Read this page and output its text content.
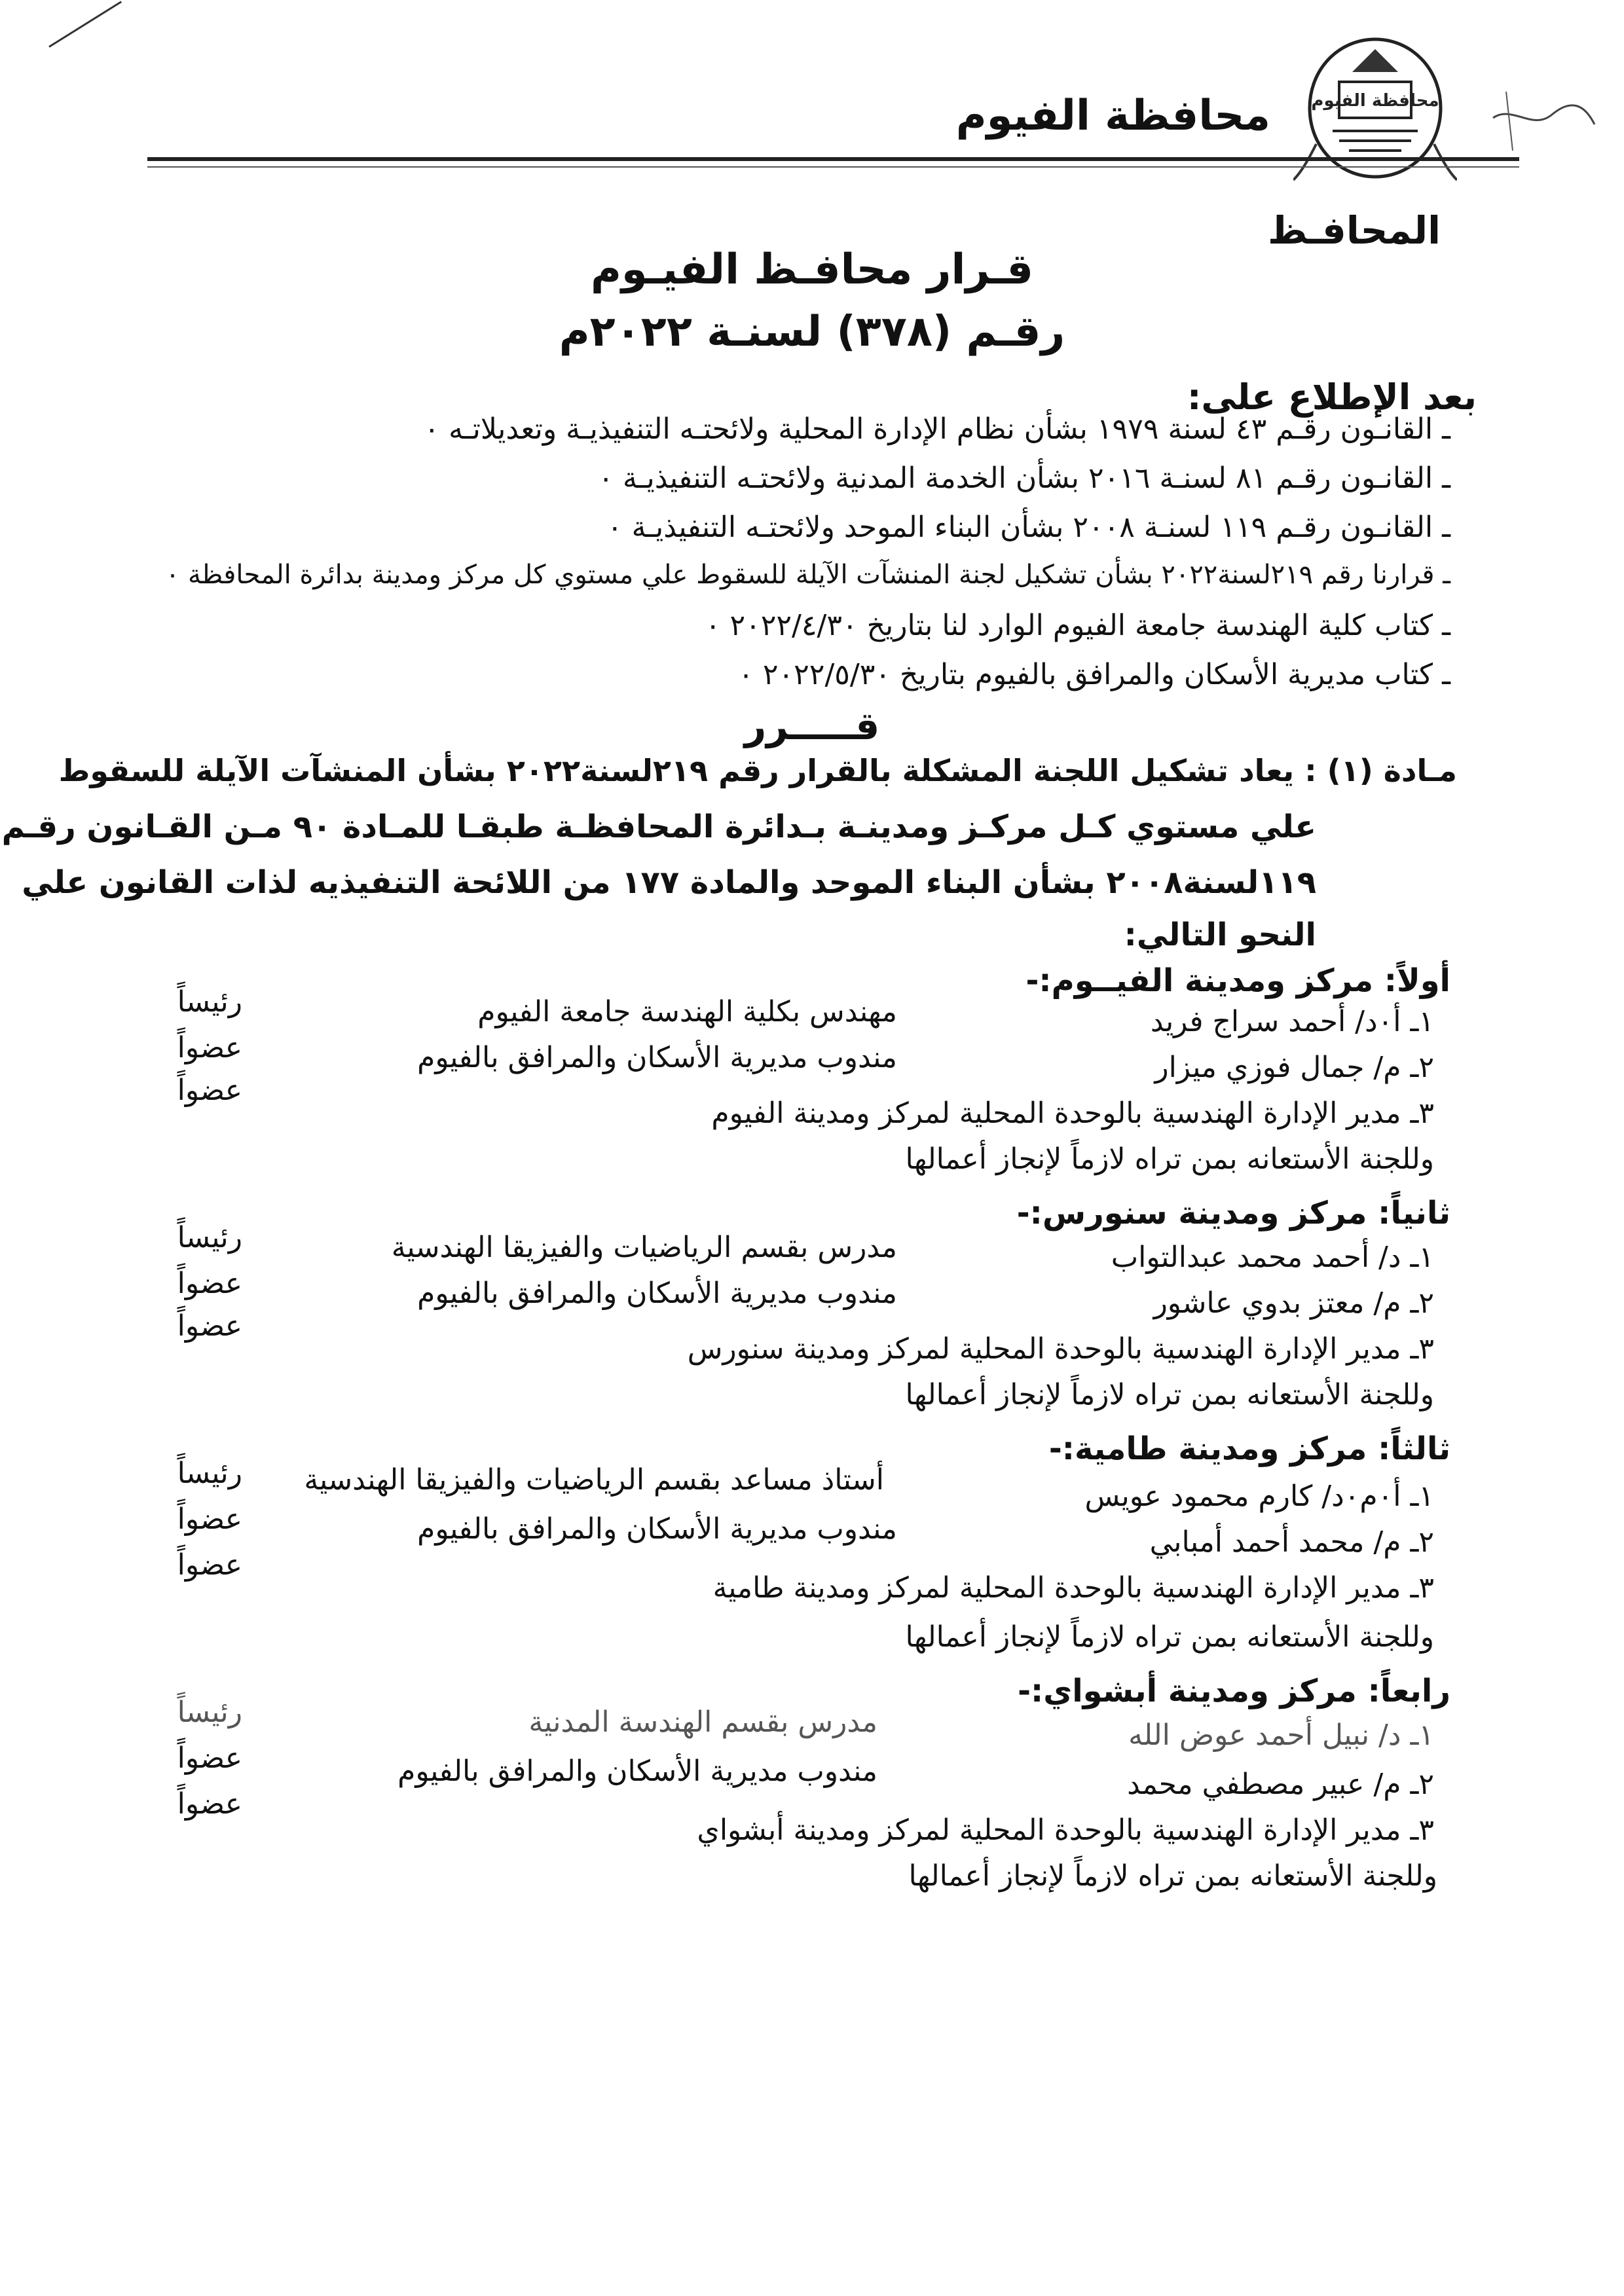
محافظة الفيوم
محافظة الفيوم
المحافـظ
قـرار محافـظ الفيـوم
رقـم (٣٧٨) لسنـة ٢٠٢٢م
بعد الإطلاع على:
ـ القانـون رقـم ٤٣ لسنة ١٩٧٩ بشأن نظام الإدارة المحلية ولائحتـه التنفيذيـة وتعديلاتـه ٠
ـ القانـون رقـم ٨١ لسنـة ٢٠١٦ بشأن الخدمة المدنية ولائحتـه التنفيذيـة ٠
ـ القانـون رقـم ١١٩ لسنـة ٢٠٠٨ بشأن البناء الموحد ولائحتـه التنفيذيـة ٠
ـ قرارنا رقم ٢١٩لسنة٢٠٢٢ بشأن تشكيل لجنة المنشآت الآيلة للسقوط علي مستوي كل مركز ومدينة بدائرة المحافظة ٠
ـ كتاب كلية الهندسة جامعة الفيوم الوارد لنا بتاريخ ٢٠٢٢/٤/٣٠ ٠
ـ كتاب مديرية الأسكان والمرافق بالفيوم بتاريخ ٢٠٢٢/٥/٣٠ ٠
قـــــرر
مـادة (١) : يعاد تشكيل اللجنة المشكلة بالقرار رقم ٢١٩لسنة٢٠٢٢ بشأن المنشآت الآيلة للسقوط
علي مستوي كـل مركـز ومدينـة بـدائرة المحافظـة طبقـا للمـادة ٩٠ مـن القـانون رقـم
١١٩لسنة٢٠٠٨ بشأن البناء الموحد والمادة ١٧٧ من اللائحة التنفيذيه لذات القانون علي
النحو التالي:
أولاً: مركز ومدينة الفيــوم:-
رئيساً
١ـ أ٠د/ أحمد سراج فريد
مهندس بكلية الهندسة جامعة الفيوم
عضواً
٢ـ م/ جمال فوزي ميزار
مندوب مديرية الأسكان والمرافق بالفيوم
عضواً
٣ـ مدير الإدارة الهندسية بالوحدة المحلية لمركز ومدينة الفيوم
وللجنة الأستعانه بمن تراه لازماً لإنجاز أعمالها
ثانياً: مركز ومدينة سنورس:-
رئيساً
١ـ د/ أحمد محمد عبدالتواب
مدرس بقسم الرياضيات والفيزيقا الهندسية
عضواً
٢ـ م/ معتز بدوي عاشور
مندوب مديرية الأسكان والمرافق بالفيوم
عضواً
٣ـ مدير الإدارة الهندسية بالوحدة المحلية لمركز ومدينة سنورس
وللجنة الأستعانه بمن تراه لازماً لإنجاز أعمالها
ثالثاً: مركز ومدينة طامية:-
رئيساً
١ـ أ٠م٠د/ كارم محمود عويس
أستاذ مساعد بقسم الرياضيات والفيزيقا الهندسية
عضواً
٢ـ م/ محمد أحمد أمبابي
مندوب مديرية الأسكان والمرافق بالفيوم
عضواً
٣ـ مدير الإدارة الهندسية بالوحدة المحلية لمركز ومدينة طامية
وللجنة الأستعانه بمن تراه لازماً لإنجاز أعمالها
رابعاً: مركز ومدينة أبشواي:-
رئيساً
١ـ د/ نبيل أحمد عوض الله
مدرس بقسم الهندسة المدنية
عضواً
٢ـ م/ عبير مصطفي محمد
مندوب مديرية الأسكان والمرافق بالفيوم
عضواً
٣ـ مدير الإدارة الهندسية بالوحدة المحلية لمركز ومدينة أبشواي
وللجنة الأستعانه بمن تراه لازماً لإنجاز أعمالها
